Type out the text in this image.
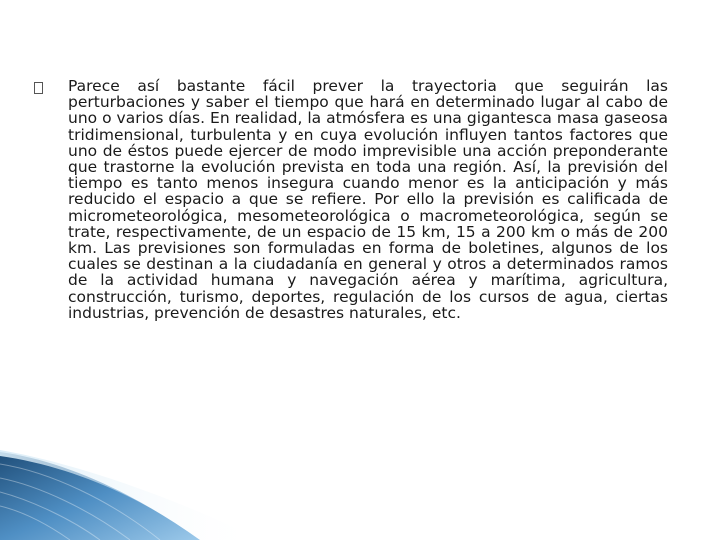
Parece así bastante fácil prever la trayectoria que seguirán las perturbaciones y saber el tiempo que hará en determinado lugar al cabo de uno o varios días. En realidad, la atmósfera es una gigantesca masa gaseosa tridimensional, turbulenta y en cuya evolución influyen tantos factores que uno de éstos puede ejercer de modo imprevisible una acción preponderante que trastorne la evolución prevista en toda una región. Así, la previsión del tiempo es tanto menos insegura cuando menor es la anticipación y más reducido el espacio a que se refiere. Por ello la previsión es calificada de micrometeorológica, mesometeorológica o macrometeorológica, según se trate, respectivamente, de un espacio de 15 km, 15 a 200 km o más de 200 km. Las previsiones son formuladas en forma de boletines, algunos de los cuales se destinan a la ciudadanía en general y otros a determinados ramos de la actividad humana y navegación aérea y marítima, agricultura, construcción, turismo, deportes, regulación de los cursos de agua, ciertas industrias, prevención de desastres naturales, etc.
